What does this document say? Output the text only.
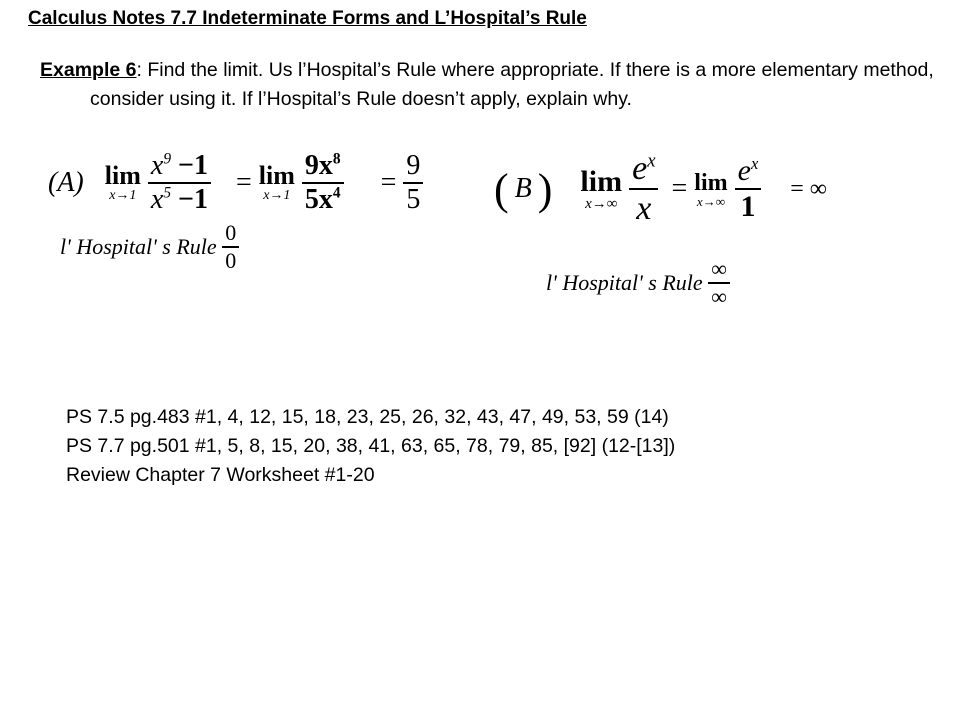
Calculus Notes 7.7 Indeterminate Forms and L’Hospital’s Rule
Example 6: Find the limit. Us l’Hospital’s Rule where appropriate. If there is a more elementary method, consider using it. If l’Hospital’s Rule doesn’t apply, explain why.
(A) lim
x→1
$\frac{x^9 -1}{x^5 -1} = \lim$
x→1
$\frac{9x^8}{5x^4} = \frac{9}{5}$
l' Hospital' s Rule $\frac{0}{0}$
( B ) lim
x→∞
$\frac{e^x}{x} = \lim$
x→∞
$\frac{e^x}{1}$ = ∞
l' Hospital' s Rule $\frac{\infty}{\infty}$
PS 7.5 pg.483 #1, 4, 12, 15, 18, 23, 25, 26, 32, 43, 47, 49, 53, 59 (14)
PS 7.7 pg.501 #1, 5, 8, 15, 20, 38, 41, 63, 65, 78, 79, 85, [92] (12-[13])
Review Chapter 7 Worksheet #1-20
